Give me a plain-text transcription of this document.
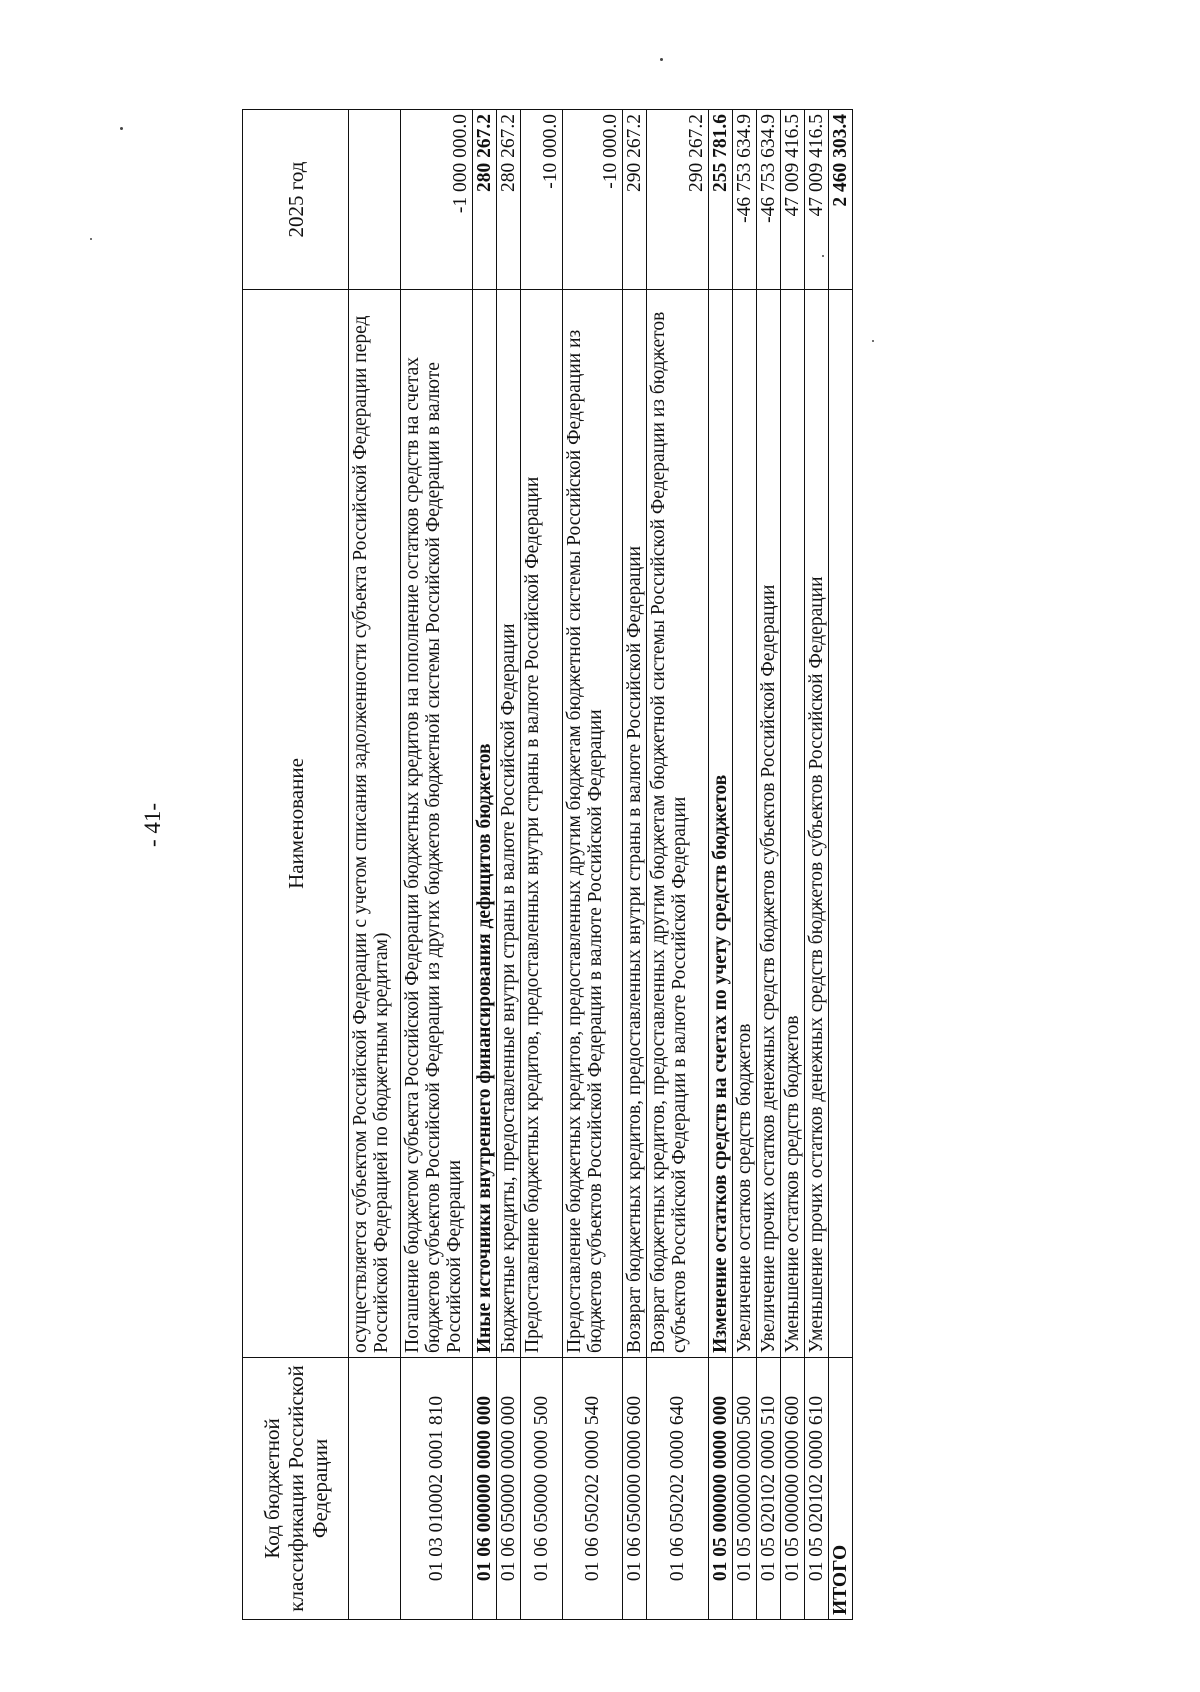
- 41-
Код бюджетной классификации Российской Федерации	Наименование	2025 год
	осуществляется субъектом Российской Федерации с учетом списания задолженности субъекта Российской Федерации перед Российской Федерацией по бюджетным кредитам)	
01 03 010002 0001 810	Погашение бюджетом субъекта Российской Федерации бюджетных кредитов на пополнение остатков средств на счетах бюджетов субъектов Российской Федерации из других бюджетов бюджетной системы Российской Федерации в валюте Российской Федерации	-1 000 000.0
01 06 000000 0000 000	Иные источники внутреннего финансирования дефицитов бюджетов	280 267.2
01 06 050000 0000 000	Бюджетные кредиты, предоставленные внутри страны в валюте Российской Федерации	280 267.2
01 06 050000 0000 500	Предоставление бюджетных кредитов, предоставленных внутри страны в валюте Российской Федерации	-10 000.0
01 06 050202 0000 540	Предоставление бюджетных кредитов, предоставленных другим бюджетам бюджетной системы Российской Федерации из бюджетов субъектов Российской Федерации в валюте Российской Федерации	-10 000.0
01 06 050000 0000 600	Возврат бюджетных кредитов, предоставленных внутри страны в валюте Российской Федерации	290 267.2
01 06 050202 0000 640	Возврат бюджетных кредитов, предоставленных другим бюджетам бюджетной системы Российской Федерации из бюджетов субъектов Российской Федерации в валюте Российской Федерации	290 267.2
01 05 000000 0000 000	Изменение остатков средств на счетах по учету средств бюджетов	255 781.6
01 05 000000 0000 500	Увеличение остатков средств бюджетов	-46 753 634.9
01 05 020102 0000 510	Увеличение прочих остатков денежных средств бюджетов субъектов Российской Федерации	-46 753 634.9
01 05 000000 0000 600	Уменьшение остатков средств бюджетов	47 009 416.5
01 05 020102 0000 610	Уменьшение прочих остатков денежных средств бюджетов субъектов Российской Федерации	47 009 416.5
ИТОГО		2 460 303.4
